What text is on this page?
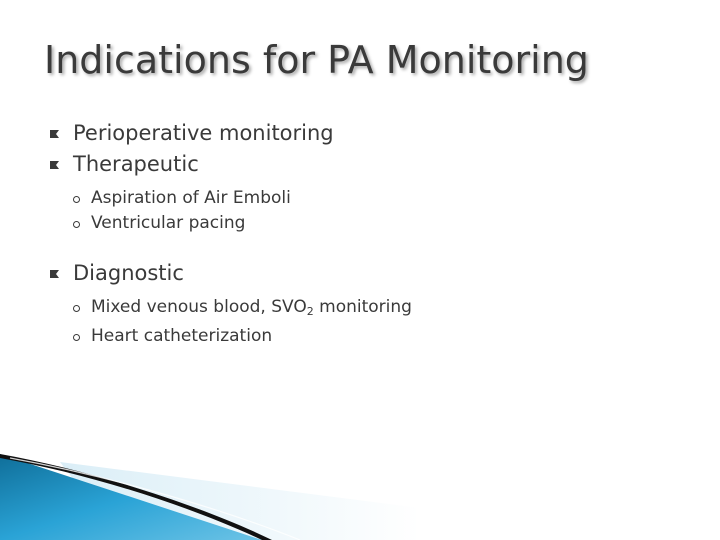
Indications for PA Monitoring
Perioperative monitoring
Therapeutic
Aspiration of Air Emboli
Ventricular pacing
Diagnostic
Mixed venous blood, $SVO_2$ monitoring
Heart catheterization
